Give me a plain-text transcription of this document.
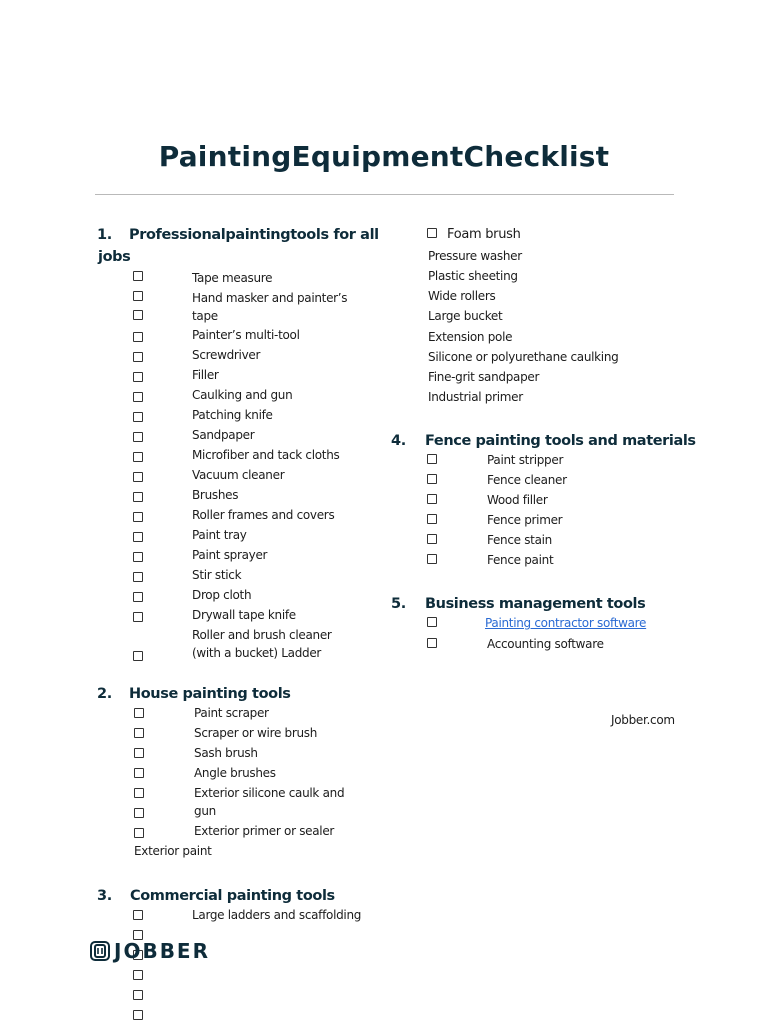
PaintingEquipmentChecklist
1. Professionalpaintingtools for all
jobs
Tape measure
Hand masker and painter’s
tape
Painter’s multi-tool
Screwdriver
Filler
Caulking and gun
Patching knife
Sandpaper
Microfiber and tack cloths
Vacuum cleaner
Brushes
Roller frames and covers
Paint tray
Paint sprayer
Stir stick
Drop cloth
Drywall tape knife
Roller and brush cleaner
(with a bucket) Ladder
2. House painting tools
Paint scraper
Scraper or wire brush
Sash brush
Angle brushes
Exterior silicone caulk and
gun
Exterior primer or sealer
Exterior paint
3. Commercial painting tools
Large ladders and scaffolding
Foam brush
Pressure washer
Plastic sheeting
Wide rollers
Large bucket
Extension pole
Silicone or polyurethane caulking
Fine-grit sandpaper
Industrial primer
4. Fence painting tools and materials
Paint stripper
Fence cleaner
Wood filler
Fence primer
Fence stain
Fence paint
5. Business management tools
Painting contractor software
Accounting software
Jobber.com
JOBBER
